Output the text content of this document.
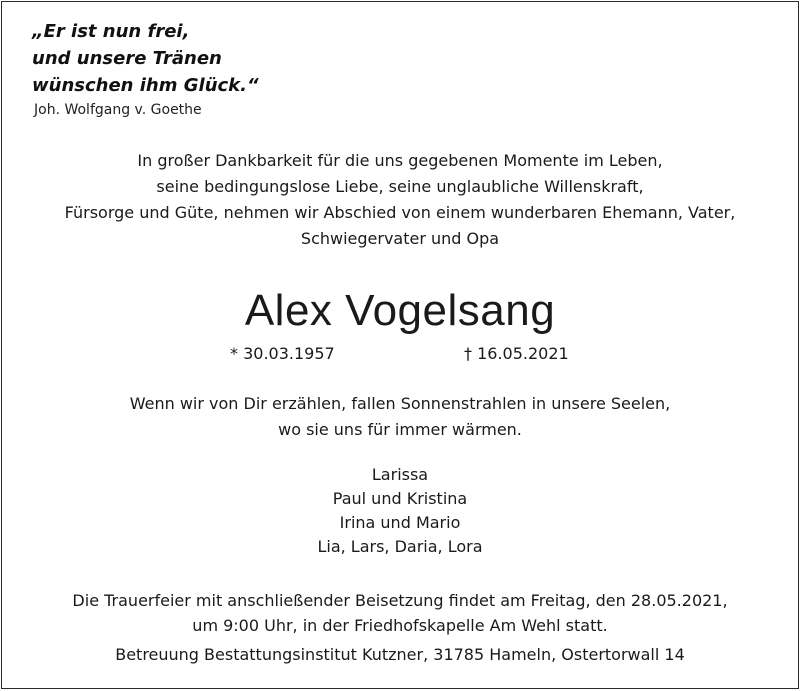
„Er ist nun frei,
und unsere Tränen
wünschen ihm Glück.“
Joh. Wolfgang v. Goethe
In großer Dankbarkeit für die uns gegebenen Momente im Leben,
seine bedingungslose Liebe, seine unglaubliche Willenskraft,
Fürsorge und Güte, nehmen wir Abschied von einem wunderbaren Ehemann, Vater,
Schwiegervater und Opa
Alex Vogelsang
* 30.03.1957	† 16.05.2021
Wenn wir von Dir erzählen, fallen Sonnenstrahlen in unsere Seelen,
wo sie uns für immer wärmen.
Larissa
Paul und Kristina
Irina und Mario
Lia, Lars, Daria, Lora
Die Trauerfeier mit anschließender Beisetzung findet am Freitag, den 28.05.2021,
um 9:00 Uhr, in der Friedhofskapelle Am Wehl statt.
Betreuung Bestattungsinstitut Kutzner, 31785 Hameln, Ostertorwall 14
